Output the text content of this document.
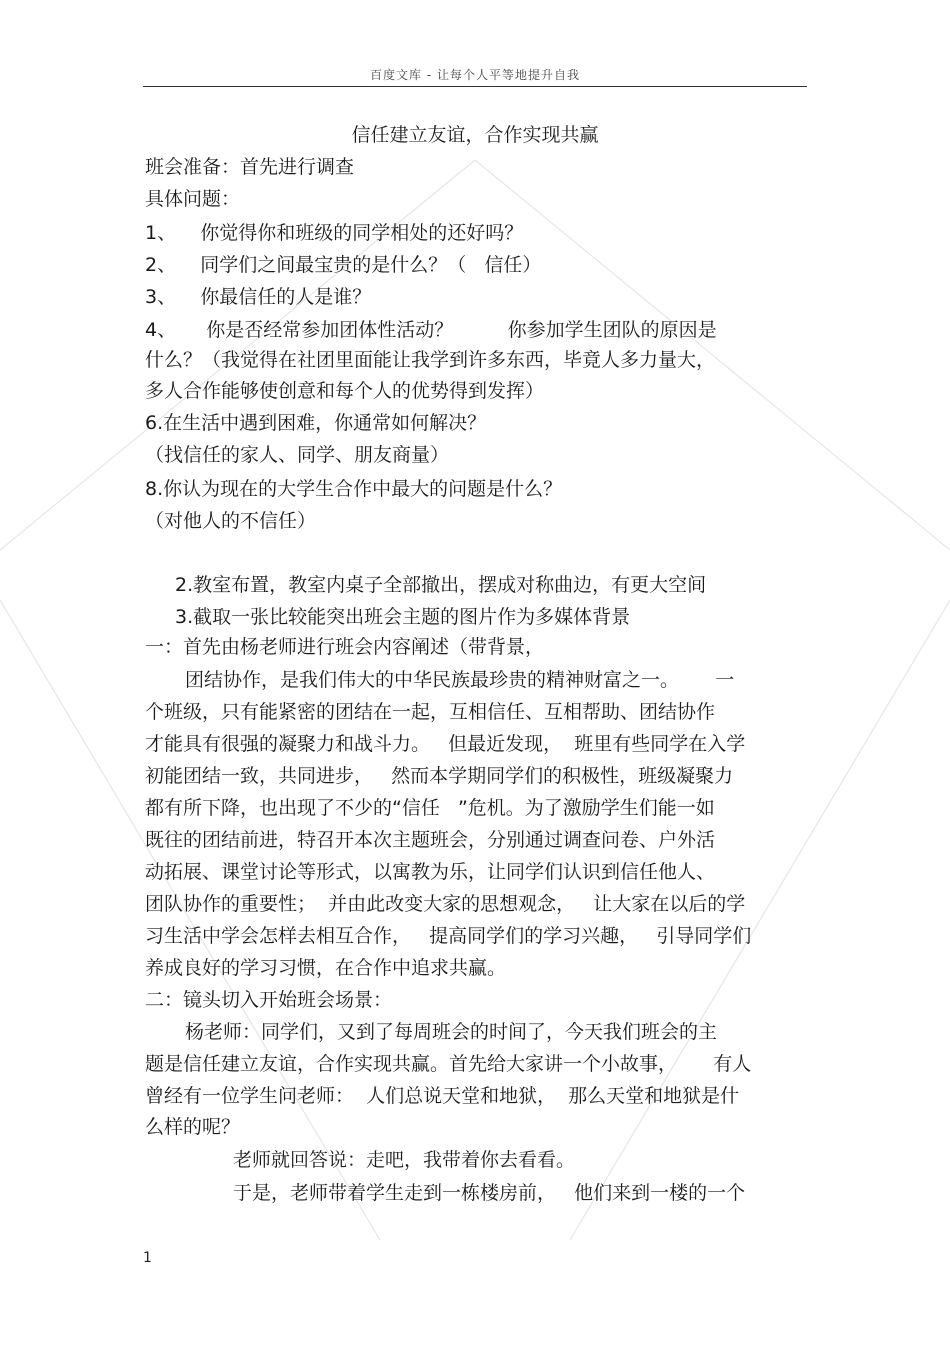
百度文库 - 让每个人平等地提升自我
信任建立友谊，合作实现共赢
班会准备：首先进行调查
具体问题：
1、    你觉得你和班级的同学相处的还好吗？
2、    同学们之间最宝贵的是什么？（   信任）
3、    你最信任的人是谁？
4、     你是否经常参加团体性活动？         你参加学生团队的原因是
什么？（我觉得在社团里面能让我学到许多东西，毕竟人多力量大，
多人合作能够使创意和每个人的优势得到发挥）
6.在生活中遇到困难，你通常如何解决？
（找信任的家人、同学、朋友商量）
8.你认为现在的大学生合作中最大的问题是什么？
（对他人的不信任）
2.教室布置，教室内桌子全部撤出，摆成对称曲边，有更大空间
3.截取一张比较能突出班会主题的图片作为多媒体背景
一：首先由杨老师进行班会内容阐述（带背景，
团结协作，是我们伟大的中华民族最珍贵的精神财富之一。      一
个班级，只有能紧密的团结在一起，互相信任、互相帮助、团结协作
才能具有很强的凝聚力和战斗力。   但最近发现，  班里有些同学在入学
初能团结一致，共同进步，   然而本学期同学们的积极性，班级凝聚力
都有所下降，也出现了不少的“信任   ”危机。为了激励学生们能一如
既往的团结前进，特召开本次主题班会，分别通过调查问卷、户外活
动拓展、课堂讨论等形式，以寓教为乐，让同学们认识到信任他人、
团队协作的重要性；  并由此改变大家的思想观念，   让大家在以后的学
习生活中学会怎样去相互合作，   提高同学们的学习兴趣，   引导同学们
养成良好的学习习惯，在合作中追求共赢。
二：镜头切入开始班会场景：
杨老师：同学们，又到了每周班会的时间了，今天我们班会的主
题是信任建立友谊，合作实现共赢。首先给大家讲一个小故事，      有人
曾经有一位学生问老师：  人们总说天堂和地狱，  那么天堂和地狱是什
么样的呢？
老师就回答说：走吧，我带着你去看看。
于是，老师带着学生走到一栋楼房前，   他们来到一楼的一个
1
